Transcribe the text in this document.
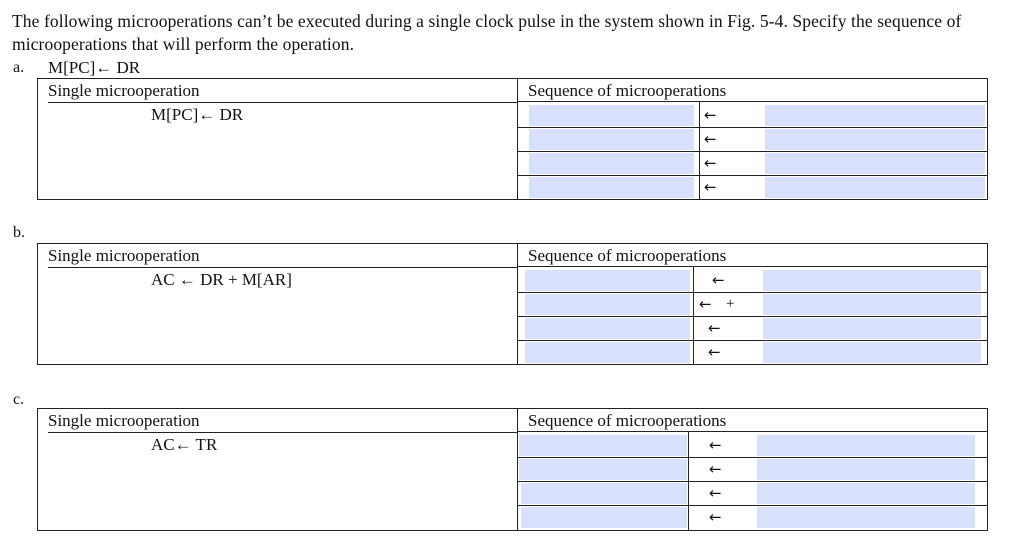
The following microoperations can’t be executed during a single clock pulse in the system shown in Fig. 5-4. Specify the sequence of microoperations that will perform the operation.
a. M[PC]← DR
Single microoperation	Sequence of microoperations
M[PC]← DR	←
←
←
←
b.
Single microoperation	Sequence of microoperations
AC ← DR + M[AR]	←
← +
←
←
c.
Single microoperation	Sequence of microoperations
AC← TR	←
←
←
←
